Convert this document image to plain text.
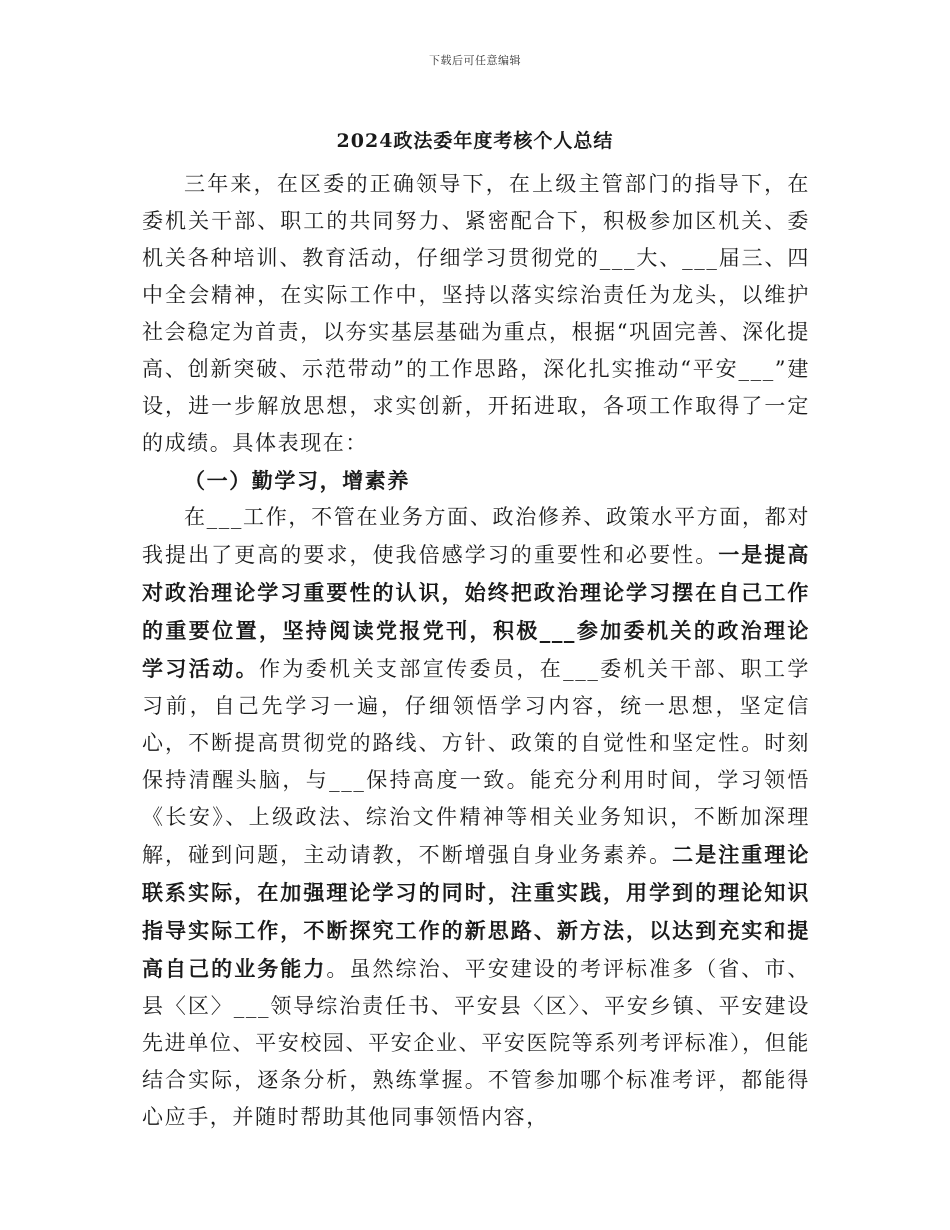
下载后可任意编辑
2024政法委年度考核个人总结

三年来，在区委的正确领导下，在上级主管部门的指导下，在委机关干部、职工的共同努力、紧密配合下，积极参加区机关、委机关各种培训、教育活动，仔细学习贯彻党的___大、___届三、四中全会精神，在实际工作中，坚持以落实综治责任为龙头，以维护社会稳定为首责，以夯实基层基础为重点，根据“巩固完善、深化提高、创新突破、示范带动”的工作思路，深化扎实推动“平安___”建设，进一步解放思想，求实创新，开拓进取，各项工作取得了一定的成绩。具体表现在：

（一）勤学习，增素养

在___工作，不管在业务方面、政治修养、政策水平方面，都对我提出了更高的要求，使我倍感学习的重要性和必要性。一是提高对政治理论学习重要性的认识，始终把政治理论学习摆在自己工作的重要位置，坚持阅读党报党刊，积极___参加委机关的政治理论学习活动。作为委机关支部宣传委员，在___委机关干部、职工学习前，自己先学习一遍，仔细领悟学习内容，统一思想，坚定信心，不断提高贯彻党的路线、方针、政策的自觉性和坚定性。时刻保持清醒头脑，与___保持高度一致。能充分利用时间，学习领悟《长安》、上级政法、综治文件精神等相关业务知识，不断加深理解，碰到问题，主动请教，不断增强自身业务素养。二是注重理论联系实际，在加强理论学习的同时，注重实践，用学到的理论知识指导实际工作，不断探究工作的新思路、新方法，以达到充实和提高自己的业务能力。虽然综治、平安建设的考评标准多（省、市、县〈区〉___领导综治责任书、平安县〈区〉、平安乡镇、平安建设先进单位、平安校园、平安企业、平安医院等系列考评标准），但能结合实际，逐条分析，熟练掌握。不管参加哪个标准考评，都能得心应手，并随时帮助其他同事领悟内容，
